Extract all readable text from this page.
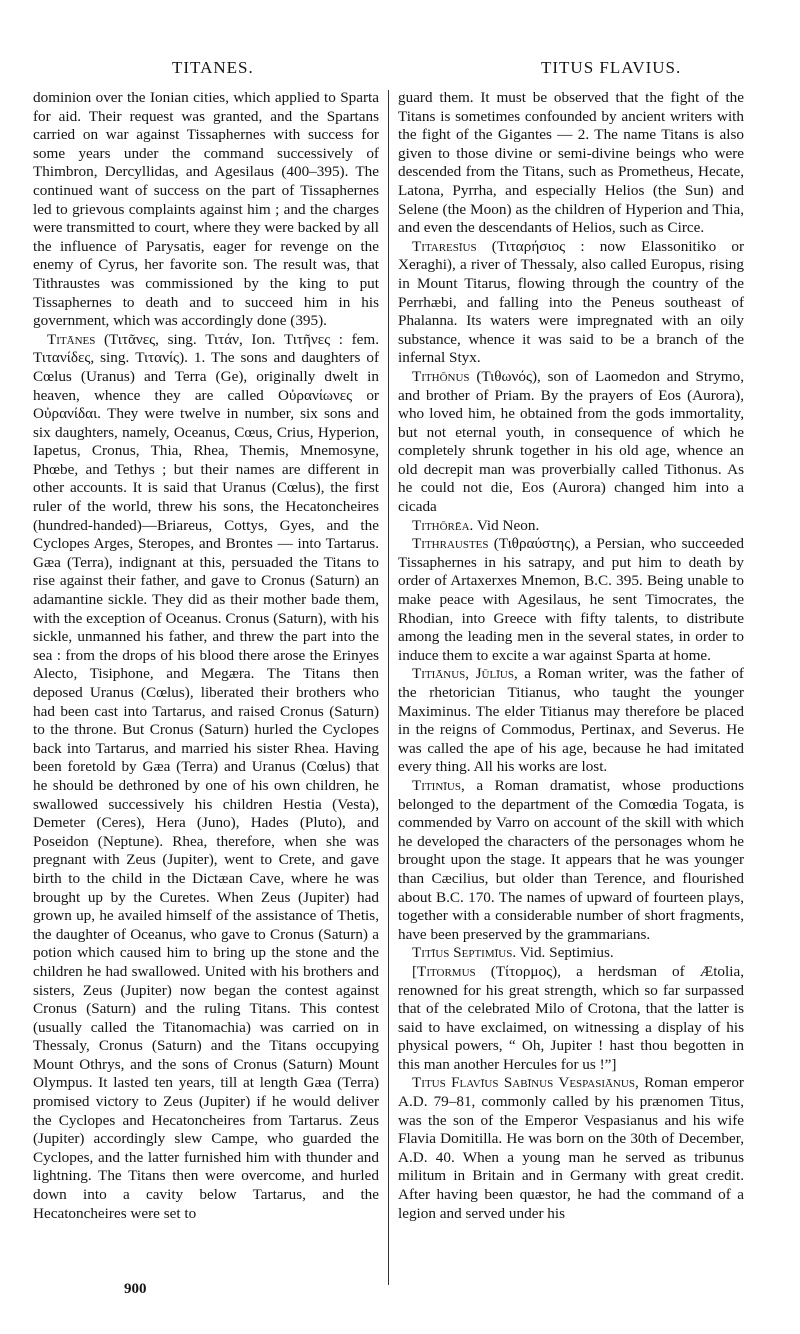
TITANES.	TITUS FLAVIUS.

dominion over the Ionian cities, which applied to Sparta for aid. Their request was granted, and the Spartans carried on war against Tissaphernes with success for some years under the command successively of Thimbron, Dercyllidas, and Agesilaus (400–395). The continued want of success on the part of Tissaphernes led to grievous complaints against him ; and the charges were transmitted to court, where they were backed by all the influence of Parysatis, eager for revenge on the enemy of Cyrus, her favorite son. The result was, that Tithraustes was commissioned by the king to put Tissaphernes to death and to succeed him in his government, which was accordingly done (395).

Titānes (Τιτᾶνες, sing. Τιτάν, Ion. Τιτῆνες : fem. Τιτανίδες, sing. Τιτανίς). 1. The sons and daughters of Cœlus (Uranus) and Terra (Ge), originally dwelt in heaven, whence they are called Οὐρανίωνες or Οὐρανίδαι. They were twelve in number, six sons and six daughters, namely, Oceanus, Cœus, Crius, Hyperion, Iapetus, Cronus, Thia, Rhea, Themis, Mnemosyne, Phœbe, and Tethys ; but their names are different in other accounts. It is said that Uranus (Cœlus), the first ruler of the world, threw his sons, the Hecatoncheires (hundred-handed)—Briareus, Cottys, Gyes, and the Cyclopes Arges, Steropes, and Brontes — into Tartarus. Gæa (Terra), indignant at this, persuaded the Titans to rise against their father, and gave to Cronus (Saturn) an adamantine sickle. They did as their mother bade them, with the exception of Oceanus. Cronus (Saturn), with his sickle, unmanned his father, and threw the part into the sea : from the drops of his blood there arose the Erinyes Alecto, Tisiphone, and Megæra. The Titans then deposed Uranus (Cœlus), liberated their brothers who had been cast into Tartarus, and raised Cronus (Saturn) to the throne. But Cronus (Saturn) hurled the Cyclopes back into Tartarus, and married his sister Rhea. Having been foretold by Gæa (Terra) and Uranus (Cœlus) that he should be dethroned by one of his own children, he swallowed successively his children Hestia (Vesta), Demeter (Ceres), Hera (Juno), Hades (Pluto), and Poseidon (Neptune). Rhea, therefore, when she was pregnant with Zeus (Jupiter), went to Crete, and gave birth to the child in the Dictæan Cave, where he was brought up by the Curetes. When Zeus (Jupiter) had grown up, he availed himself of the assistance of Thetis, the daughter of Oceanus, who gave to Cronus (Saturn) a potion which caused him to bring up the stone and the children he had swallowed. United with his brothers and sisters, Zeus (Jupiter) now began the contest against Cronus (Saturn) and the ruling Titans. This contest (usually called the Titanomachia) was carried on in Thessaly, Cronus (Saturn) and the Titans occupying Mount Othrys, and the sons of Cronus (Saturn) Mount Olympus. It lasted ten years, till at length Gæa (Terra) promised victory to Zeus (Jupiter) if he would deliver the Cyclopes and Hecatoncheires from Tartarus. Zeus (Jupiter) accordingly slew Campe, who guarded the Cyclopes, and the latter furnished him with thunder and lightning. The Titans then were overcome, and hurled down into a cavity below Tartarus, and the Hecatoncheires were set to

guard them. It must be observed that the fight of the Titans is sometimes confounded by ancient writers with the fight of the Gigantes — 2. The name Titans is also given to those divine or semi-divine beings who were descended from the Titans, such as Prometheus, Hecate, Latona, Pyrrha, and especially Helios (the Sun) and Selene (the Moon) as the children of Hyperion and Thia, and even the descendants of Helios, such as Circe.

Titaresīus (Τιταρήσιος : now Elassonitiko or Xeraghi), a river of Thessaly, also called Europus, rising in Mount Titarus, flowing through the country of the Perrhæbi, and falling into the Peneus southeast of Phalanna. Its waters were impregnated with an oily substance, whence it was said to be a branch of the infernal Styx.

Tithōnus (Τιθωνός), son of Laomedon and Strymo, and brother of Priam. By the prayers of Eos (Aurora), who loved him, he obtained from the gods immortality, but not eternal youth, in consequence of which he completely shrunk together in his old age, whence an old decrepit man was proverbially called Tithonus. As he could not die, Eos (Aurora) changed him into a cicada

Tithōrēa. Vid Neon.

Tithraustes (Τιθραύστης), a Persian, who succeeded Tissaphernes in his satrapy, and put him to death by order of Artaxerxes Mnemon, B.C. 395. Being unable to make peace with Agesilaus, he sent Timocrates, the Rhodian, into Greece with fifty talents, to distribute among the leading men in the several states, in order to induce them to excite a war against Sparta at home.

Titiānus, Jūlīus, a Roman writer, was the father of the rhetorician Titianus, who taught the younger Maximinus. The elder Titianus may therefore be placed in the reigns of Commodus, Pertinax, and Severus. He was called the ape of his age, because he had imitated every thing. All his works are lost.

Titinīus, a Roman dramatist, whose productions belonged to the department of the Comœdia Togata, is commended by Varro on account of the skill with which he developed the characters of the personages whom he brought upon the stage. It appears that he was younger than Cæcilius, but older than Terence, and flourished about B.C. 170. The names of upward of fourteen plays, together with a considerable number of short fragments, have been preserved by the grammarians.

Titīus Septimīus. Vid. Septimius.

[Titormus (Τίτορμος), a herdsman of Ætolia, renowned for his great strength, which so far surpassed that of the celebrated Milo of Crotona, that the latter is said to have exclaimed, on witnessing a display of his physical powers, “ Oh, Jupiter ! hast thou begotten in this man another Hercules for us !”]

Titus Flavīus Sabīnus Vespasiānus, Roman emperor A.D. 79–81, commonly called by his prænomen Titus, was the son of the Emperor Vespasianus and his wife Flavia Domitilla. He was born on the 30th of December, A.D. 40. When a young man he served as tribunus militum in Britain and in Germany with great credit. After having been quæstor, he had the command of a legion and served under his

900
